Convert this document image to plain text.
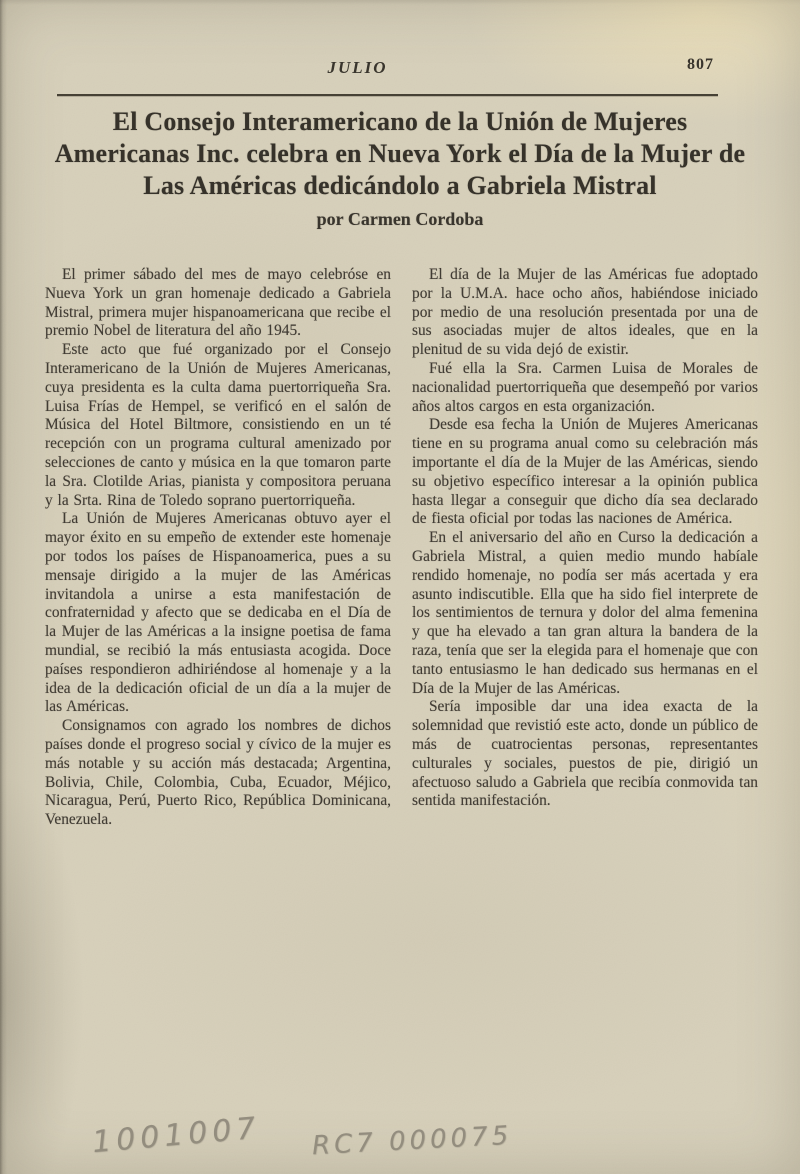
JULIO	807
El Consejo Interamericano de la Unión de Mujeres Americanas Inc. celebra en Nueva York el Día de la Mujer de Las Américas dedicándolo a Gabriela Mistral

por Carmen Cordoba

El primer sábado del mes de mayo celebróse en Nueva York un gran homenaje dedicado a Gabriela Mistral, primera mujer hispanoamericana que recibe el premio Nobel de literatura del año 1945.

Este acto que fué organizado por el Consejo Interamericano de la Unión de Mujeres Americanas, cuya presidenta es la culta dama puertorriqueña Sra. Luisa Frías de Hempel, se verificó en el salón de Música del Hotel Biltmore, consistiendo en un té recepción con un programa cultural amenizado por selecciones de canto y música en la que tomaron parte la Sra. Clotilde Arias, pianista y compositora peruana y la Srta. Rina de Toledo soprano puertorriqueña.

La Unión de Mujeres Americanas obtuvo ayer el mayor éxito en su empeño de extender este homenaje por todos los países de Hispanoamerica, pues a su mensaje dirigido a la mujer de las Américas invitandola a unirse a esta manifestación de confraternidad y afecto que se dedicaba en el Día de la Mujer de las Américas a la insigne poetisa de fama mundial, se recibió la más entusiasta acogida. Doce países respondieron adhiriéndose al homenaje y a la idea de la dedicación oficial de un día a la mujer de las Américas.

Consignamos con agrado los nombres de dichos países donde el progreso social y cívico de la mujer es más notable y su acción más destacada; Argentina, Bolivia, Chile, Colombia, Cuba, Ecuador, Méjico, Nicaragua, Perú, Puerto Rico, República Dominicana, Venezuela.

El día de la Mujer de las Américas fue adoptado por la U.M.A. hace ocho años, habiéndose iniciado por medio de una resolución presentada por una de sus asociadas mujer de altos ideales, que en la plenitud de su vida dejó de existir.

Fué ella la Sra. Carmen Luisa de Morales de nacionalidad puertorriqueña que desempeñó por varios años altos cargos en esta organización.

Desde esa fecha la Unión de Mujeres Americanas tiene en su programa anual como su celebración más importante el día de la Mujer de las Américas, siendo su objetivo específico interesar a la opinión publica hasta llegar a conseguir que dicho día sea declarado de fiesta oficial por todas las naciones de América.

En el aniversario del año en Curso la dedicación a Gabriela Mistral, a quien medio mundo habíale rendido homenaje, no podía ser más acertada y era asunto indiscutible. Ella que ha sido fiel interprete de los sentimientos de ternura y dolor del alma femenina y que ha elevado a tan gran altura la bandera de la raza, tenía que ser la elegida para el homenaje que con tanto entusiasmo le han dedicado sus hermanas en el Día de la Mujer de las Américas.

Sería imposible dar una idea exacta de la solemnidad que revistió este acto, donde un público de más de cuatrocientas personas, representantes culturales y sociales, puestos de pie, dirigió un afectuoso saludo a Gabriela que recibía conmovida tan sentida manifestación.

1001007 RC7 000075
